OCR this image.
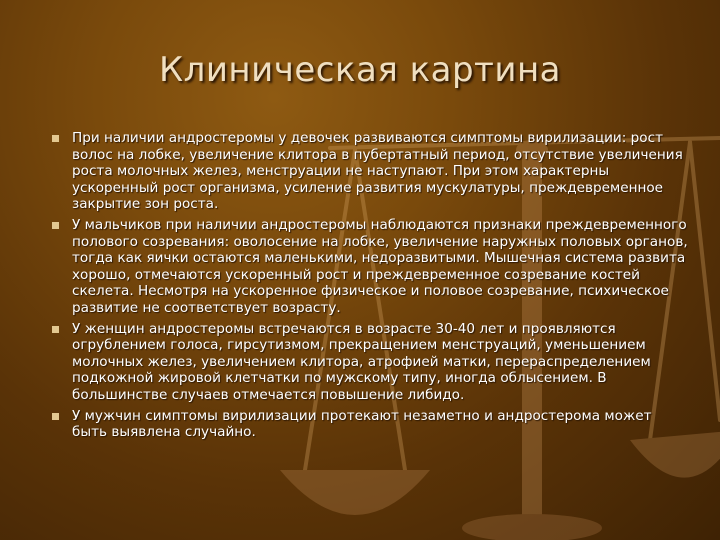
Клиническая картина
При наличии андростеромы у девочек развиваются симптомы вирилизации: рост волос на лобке, увеличение клитора в пубертатный период, отсутствие увеличения роста молочных желез, менструации не наступают. При этом характерны ускоренный рост организма, усиление развития мускулатуры, преждевременное закрытие зон роста.
У мальчиков при наличии андростеромы наблюдаются признаки преждевременного полового созревания: оволосение на лобке, увеличение наружных половых органов, тогда как яички остаются маленькими, недоразвитыми. Мышечная система развита хорошо, отмечаются ускоренный рост и преждевременное созревание костей скелета. Несмотря на ускоренное физическое и половое созревание, психическое развитие не соответствует возрасту.
У женщин андростеромы встречаются в возрасте 30-40 лет и проявляются огрублением голоса, гирсутизмом, прекращением менструаций, уменьшением молочных желез, увеличением клитора, атрофией матки, перераспределением подкожной жировой клетчатки по мужскому типу, иногда облысением. В большинстве случаев отмечается повышение либидо.
У мужчин симптомы вирилизации протекают незаметно и андростерома может быть выявлена случайно.
